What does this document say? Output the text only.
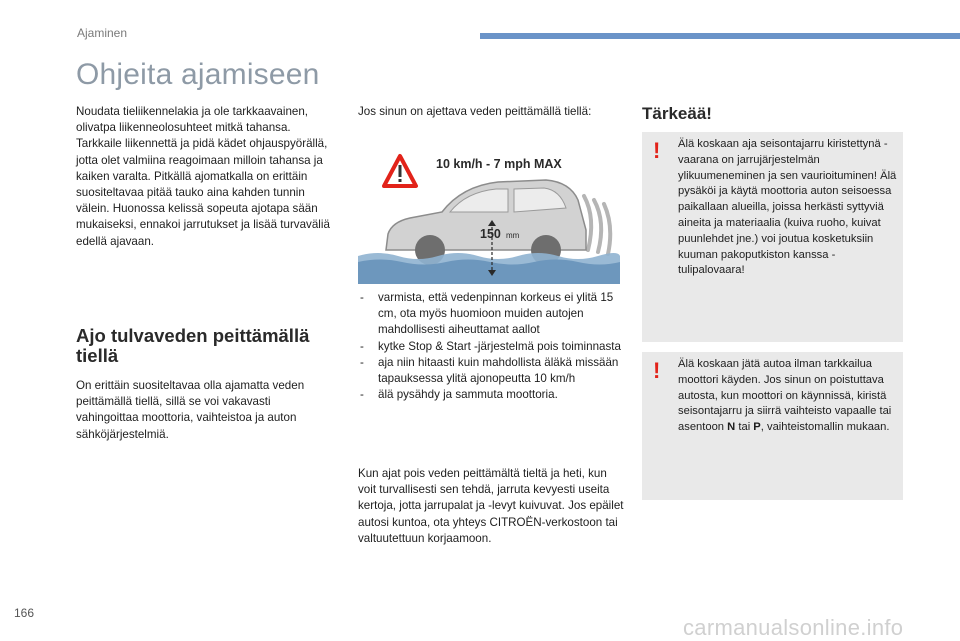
Ajaminen
Ohjeita ajamiseen

Noudata tieliikennelakia ja ole tarkkaavainen, olivatpa liikenneolosuhteet mitkä tahansa. Tarkkaile liikennettä ja pidä kädet ohjauspyörällä, jotta olet valmiina reagoimaan milloin tahansa ja kaiken varalta. Pitkällä ajomatkalla on erittäin suositeltavaa pitää tauko aina kahden tunnin välein. Huonossa kelissä sopeuta ajotapa sään mukaiseksi, ennakoi jarrutukset ja lisää turvaväliä edellä ajavaan.

Ajo tulvaveden peittämällä tiellä

On erittäin suositeltavaa olla ajamatta veden peittämällä tiellä, sillä se voi vakavasti vahingoittaa moottoria, vaihteistoa ja auton sähköjärjestelmiä.

Jos sinun on ajettava veden peittämällä tiellä:

10 km/h - 7 mph MAX
150 mm
- varmista, että vedenpinnan korkeus ei ylitä 15 cm, ota myös huomioon muiden autojen mahdollisesti aiheuttamat aallot
- kytke Stop & Start -järjestelmä pois toiminnasta
- aja niin hitaasti kuin mahdollista äläkä missään tapauksessa ylitä ajonopeutta 10 km/h
- älä pysähdy ja sammuta moottoria.

Kun ajat pois veden peittämältä tieltä ja heti, kun voit turvallisesti sen tehdä, jarruta kevyesti useita kertoja, jotta jarrupalat ja -levyt kuivuvat. Jos epäilet autosi kuntoa, ota yhteys CITROËN-verkostoon tai valtuutettuun korjaamoon.

Tärkeää!
! Älä koskaan aja seisontajarru kiristettynä - vaarana on jarrujärjestelmän ylikuumeneminen ja sen vaurioituminen! Älä pysäköi ja käytä moottoria auton seisoessa paikallaan alueilla, joissa herkästi syttyviä aineita ja materiaalia (kuiva ruoho, kuivat puunlehdet jne.) voi joutua kosketuksiin kuuman pakoputkiston kanssa - tulipalovaara!

! Älä koskaan jätä autoa ilman tarkkailua moottori käyden. Jos sinun on poistuttava autosta, kun moottori on käynnissä, kiristä seisontajarru ja siirrä vaihteisto vapaalle tai asentoon N tai P, vaihteistomallin mukaan.

166
carmanualsonline.info
